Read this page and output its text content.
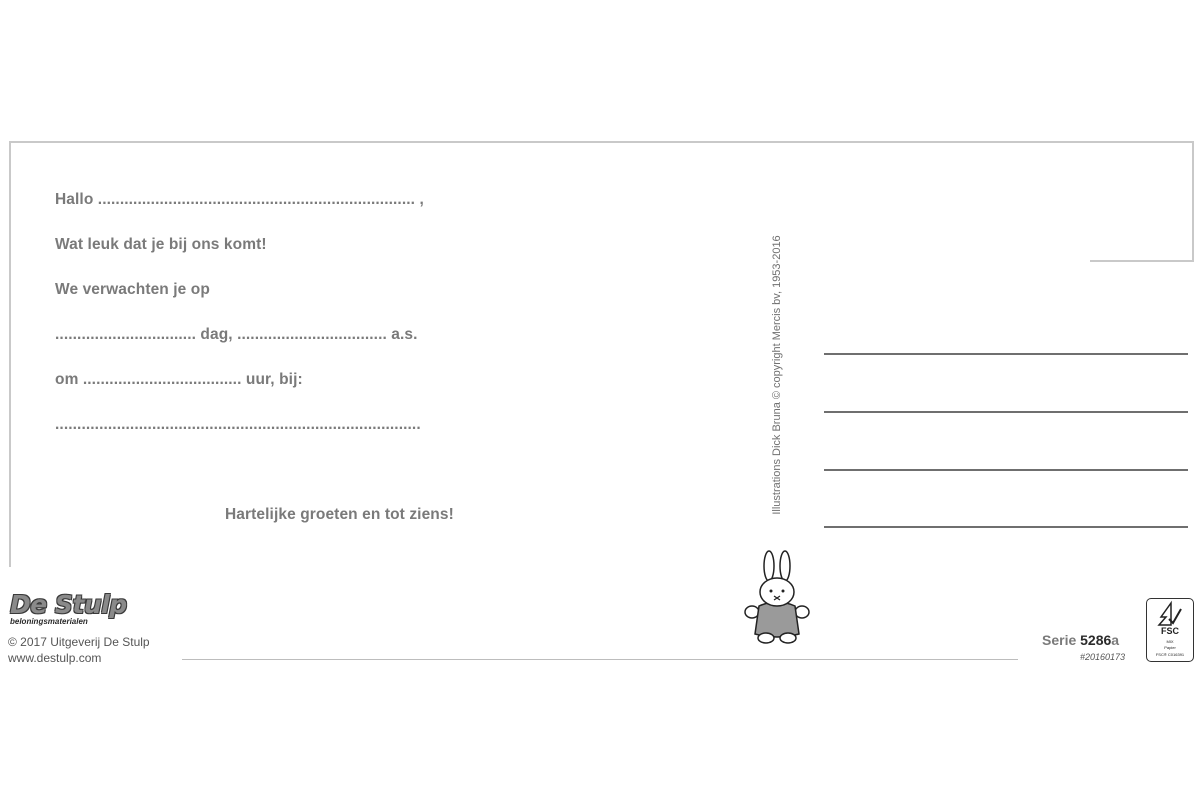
Hallo ........................................................................ ,
Wat leuk dat je bij ons komt!
We verwachten je op
................................ dag, .................................. a.s.
om .................................... uur, bij:
...................................................................................
Hartelijke groeten en tot ziens!	Illustrations Dick Bruna © copyright Mercis bv, 1953-2016
De Stulp
beloningsmaterialen
© 2017 Uitgeverij De Stulp
www.destulp.com
Serie 5286a
#20160173
FSC
MIX
Papier
FSC® C016391
